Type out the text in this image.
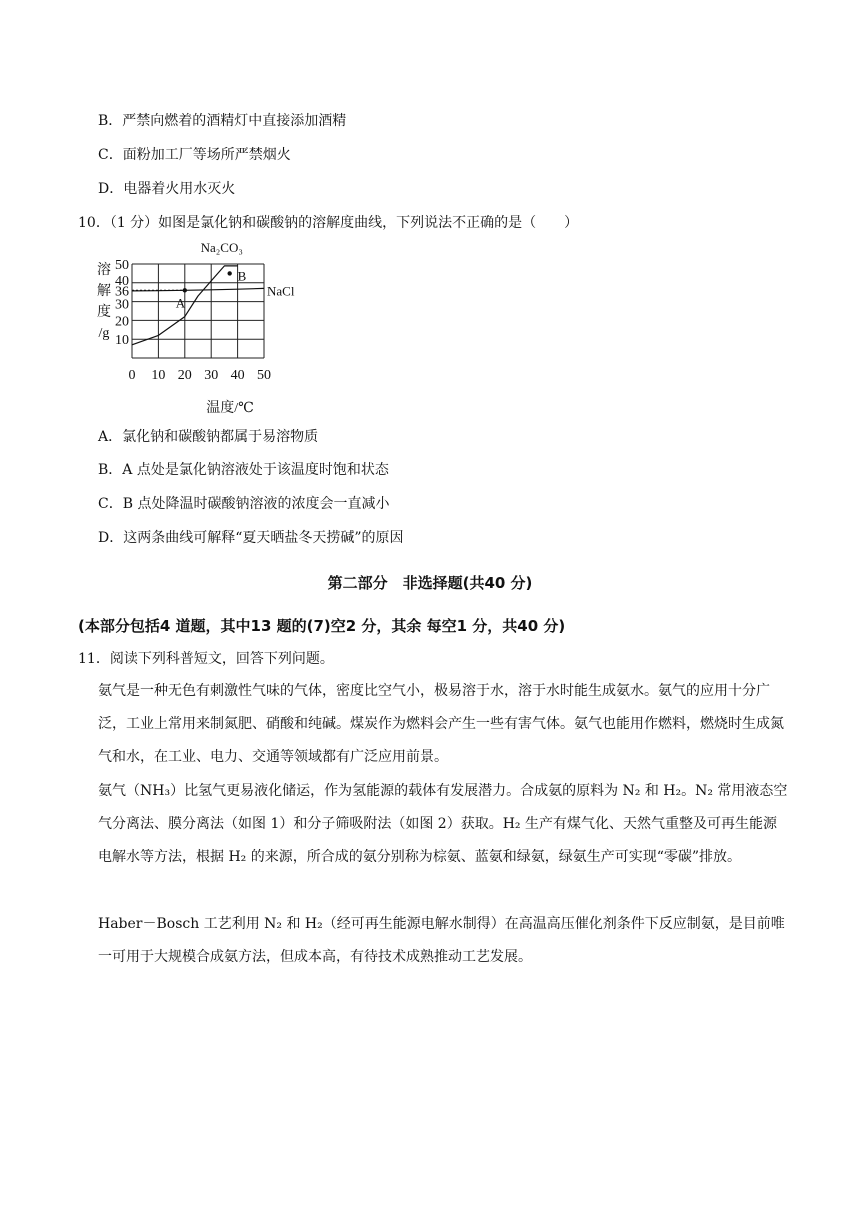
B．严禁向燃着的酒精灯中直接添加酒精
C．面粉加工厂等场所严禁烟火
D．电器着火用水灭火
10．（1 分）如图是氯化钠和碳酸钠的溶解度曲线，下列说法不正确的是（　　）
溶
解
度
/g 10
20
30
36
40
50
0 10 20 30 40 50
温度/℃
Na₂CO₃
NaCl
A
B
A．氯化钠和碳酸钠都属于易溶物质
B．A 点处是氯化钠溶液处于该温度时饱和状态
C．B 点处降温时碳酸钠溶液的浓度会一直减小
D．这两条曲线可解释“夏天晒盐冬天捞碱”的原因
第二部分　非选择题(共40 分)
(本部分包括4 道题，其中13 题的(7)空2 分，其余 每空1 分，共40 分)
11．阅读下列科普短文，回答下列问题。
氨气是一种无色有刺激性气味的气体，密度比空气小，极易溶于水，溶于水时能生成氨水。氨气的应用十分广泛，工业上常用来制氮肥、硝酸和纯碱。煤炭作为燃料会产生一些有害气体。氨气也能用作燃料，燃烧时生成氮气和水，在工业、电力、交通等领域都有广泛应用前景。
氨气（NH₃）比氢气更易液化储运，作为氢能源的载体有发展潜力。合成氨的原料为 N₂ 和 H₂。N₂ 常用液态空气分离法、膜分离法（如图 1）和分子筛吸附法（如图 2）获取。H₂ 生产有煤气化、天然气重整及可再生能源电解水等方法，根据 H₂ 的来源，所合成的氨分别称为棕氨、蓝氨和绿氨，绿氨生产可实现“零碳”排放。
Haber－Bosch 工艺利用 N₂ 和 H₂（经可再生能源电解水制得）在高温高压催化剂条件下反应制氨，是目前唯一可用于大规模合成氨方法，但成本高，有待技术成熟推动工艺发展。
